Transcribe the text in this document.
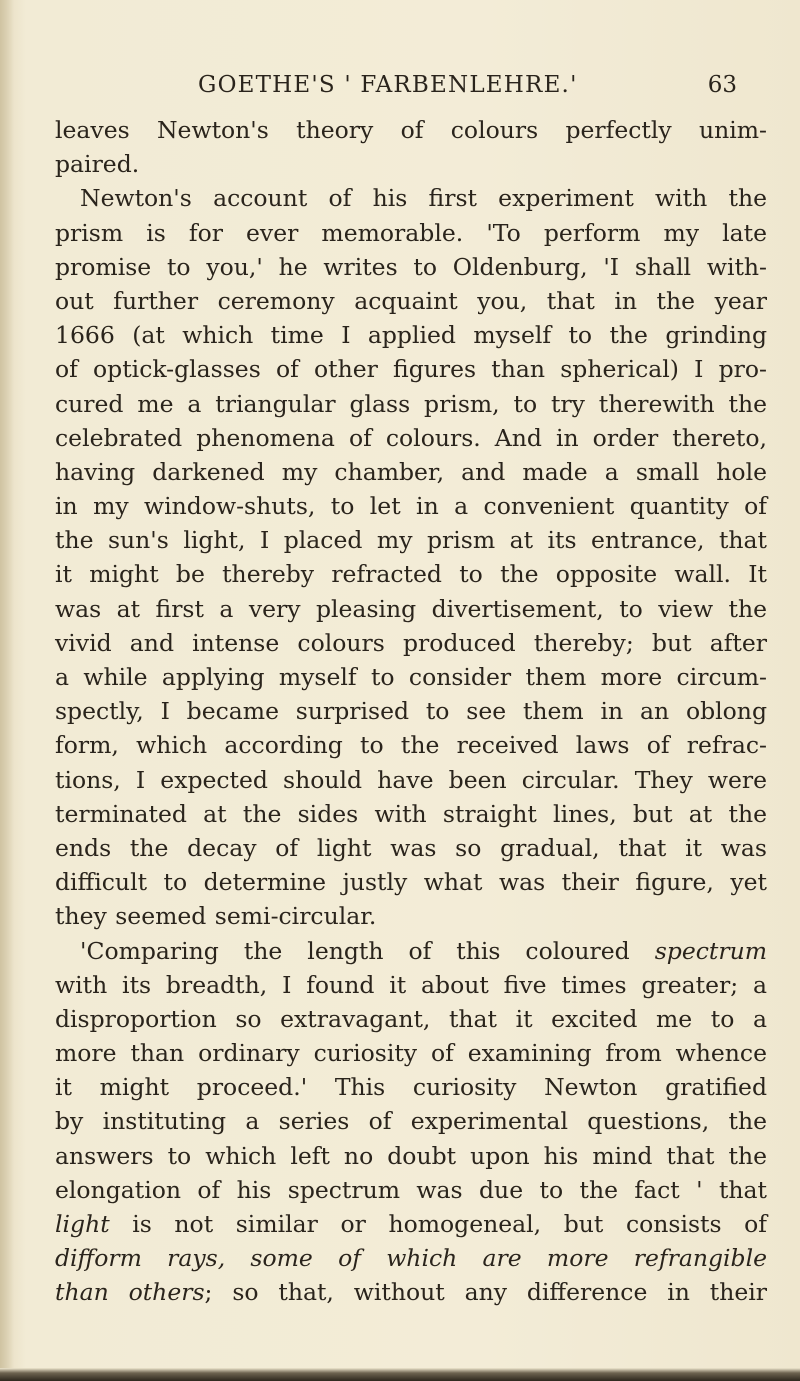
GOETHE'S ' FARBENLEHRE.'	63
leaves Newton's theory of colours perfectly unim-
paired.
Newton's account of his first experiment with the
prism is for ever memorable. 'To perform my late
promise to you,' he writes to Oldenburg, 'I shall with-
out further ceremony acquaint you, that in the year
1666 (at which time I applied myself to the grinding
of optick-glasses of other figures than spherical) I pro-
cured me a triangular glass prism, to try therewith the
celebrated phenomena of colours. And in order thereto,
having darkened my chamber, and made a small hole
in my window-shuts, to let in a convenient quantity of
the sun's light, I placed my prism at its entrance, that
it might be thereby refracted to the opposite wall. It
was at first a very pleasing divertisement, to view the
vivid and intense colours produced thereby; but after
a while applying myself to consider them more circum-
spectly, I became surprised to see them in an oblong
form, which according to the received laws of refrac-
tions, I expected should have been circular. They were
terminated at the sides with straight lines, but at the
ends the decay of light was so gradual, that it was
difficult to determine justly what was their figure, yet
they seemed semi-circular.
'Comparing the length of this coloured spectrum
with its breadth, I found it about five times greater; a
disproportion so extravagant, that it excited me to a
more than ordinary curiosity of examining from whence
it might proceed.' This curiosity Newton gratified
by instituting a series of experimental questions, the
answers to which left no doubt upon his mind that the
elongation of his spectrum was due to the fact ' that
light is not similar or homogeneal, but consists of
difform rays, some of which are more refrangible
than others; so that, without any difference in their
